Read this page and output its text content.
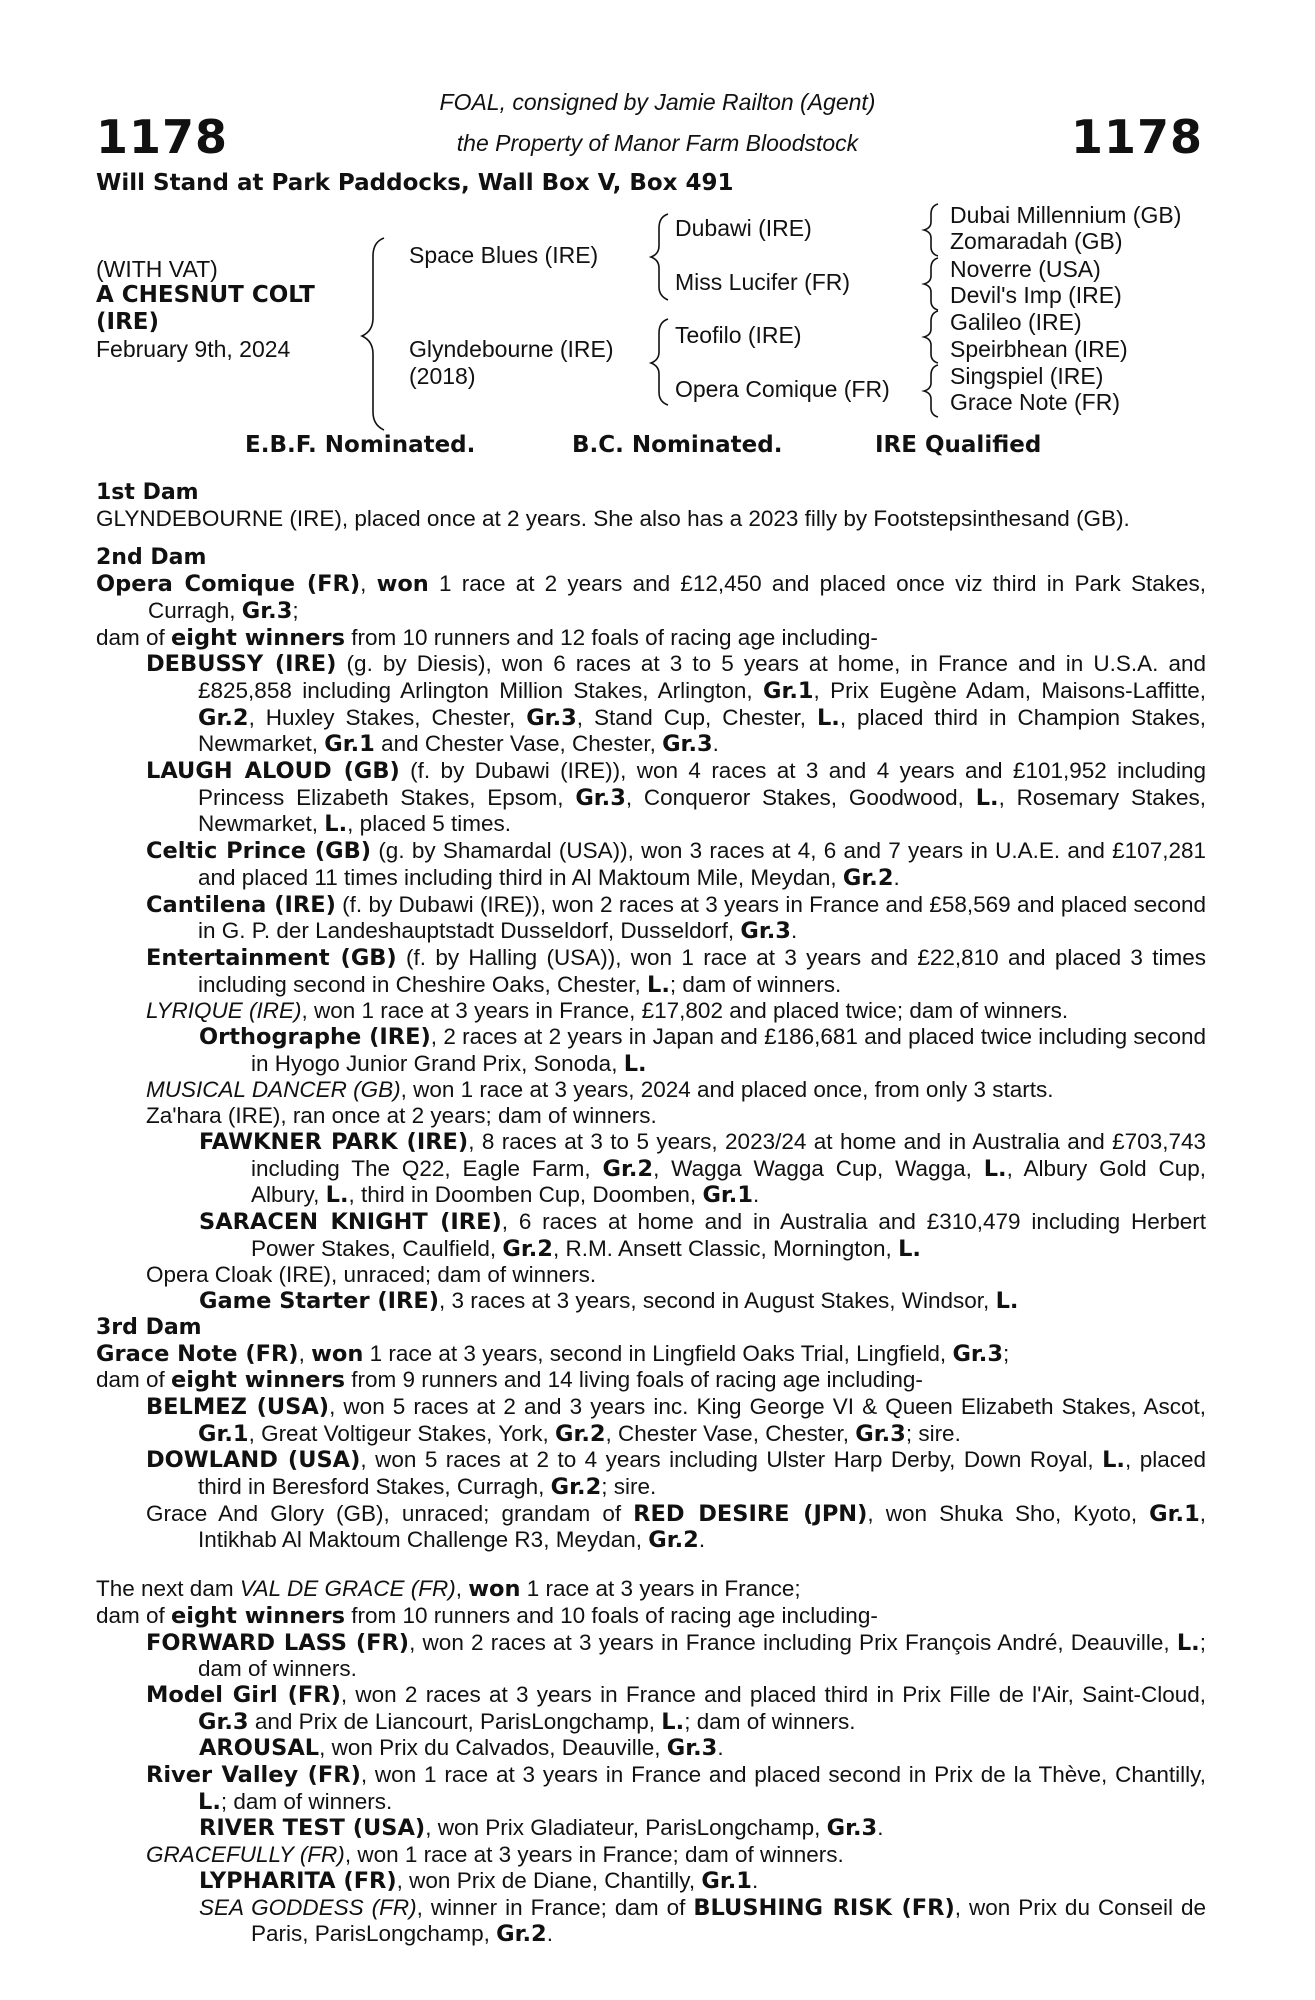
1178	1178
FOAL, consigned by Jamie Railton (Agent)
the Property of Manor Farm Bloodstock
Will Stand at Park Paddocks, Wall Box V, Box 491
(WITH VAT)
A CHESNUT COLT
(IRE)
February 9th, 2024
Space Blues (IRE)
Glyndebourne (IRE)
(2018)
Dubawi (IRE)
Miss Lucifer (FR)
Teofilo (IRE)
Opera Comique (FR)
Dubai Millennium (GB)
Zomaradah (GB)
Noverre (USA)
Devil's Imp (IRE)
Galileo (IRE)
Speirbhean (IRE)
Singspiel (IRE)
Grace Note (FR)
E.B.F. Nominated.	B.C. Nominated.	IRE Qualified

1st Dam

GLYNDEBOURNE (IRE), placed once at 2 years. She also has a 2023 filly by Footstepsinthesand (GB).

2nd Dam

Opera Comique (FR), won 1 race at 2 years and £12,450 and placed once viz third in Park Stakes, Curragh, Gr.3;

dam of eight winners from 10 runners and 12 foals of racing age including-

DEBUSSY (IRE) (g. by Diesis), won 6 races at 3 to 5 years at home, in France and in U.S.A. and £825,858 including Arlington Million Stakes, Arlington, Gr.1, Prix Eugène Adam, Maisons-Laffitte, Gr.2, Huxley Stakes, Chester, Gr.3, Stand Cup, Chester, L., placed third in Champion Stakes, Newmarket, Gr.1 and Chester Vase, Chester, Gr.3.

LAUGH ALOUD (GB) (f. by Dubawi (IRE)), won 4 races at 3 and 4 years and £101,952 including Princess Elizabeth Stakes, Epsom, Gr.3, Conqueror Stakes, Goodwood, L., Rosemary Stakes, Newmarket, L., placed 5 times.

Celtic Prince (GB) (g. by Shamardal (USA)), won 3 races at 4, 6 and 7 years in U.A.E. and £107,281 and placed 11 times including third in Al Maktoum Mile, Meydan, Gr.2.

Cantilena (IRE) (f. by Dubawi (IRE)), won 2 races at 3 years in France and £58,569 and placed second in G. P. der Landeshauptstadt Dusseldorf, Dusseldorf, Gr.3.

Entertainment (GB) (f. by Halling (USA)), won 1 race at 3 years and £22,810 and placed 3 times including second in Cheshire Oaks, Chester, L.; dam of winners.

LYRIQUE (IRE), won 1 race at 3 years in France, £17,802 and placed twice; dam of winners.

Orthographe (IRE), 2 races at 2 years in Japan and £186,681 and placed twice including second in Hyogo Junior Grand Prix, Sonoda, L.

MUSICAL DANCER (GB), won 1 race at 3 years, 2024 and placed once, from only 3 starts.

Za'hara (IRE), ran once at 2 years; dam of winners.

FAWKNER PARK (IRE), 8 races at 3 to 5 years, 2023/24 at home and in Australia and £703,743 including The Q22, Eagle Farm, Gr.2, Wagga Wagga Cup, Wagga, L., Albury Gold Cup, Albury, L., third in Doomben Cup, Doomben, Gr.1.

SARACEN KNIGHT (IRE), 6 races at home and in Australia and £310,479 including Herbert Power Stakes, Caulfield, Gr.2, R.M. Ansett Classic, Mornington, L.

Opera Cloak (IRE), unraced; dam of winners.

Game Starter (IRE), 3 races at 3 years, second in August Stakes, Windsor, L.

3rd Dam

Grace Note (FR), won 1 race at 3 years, second in Lingfield Oaks Trial, Lingfield, Gr.3;

dam of eight winners from 9 runners and 14 living foals of racing age including-

BELMEZ (USA), won 5 races at 2 and 3 years inc. King George VI & Queen Elizabeth Stakes, Ascot, Gr.1, Great Voltigeur Stakes, York, Gr.2, Chester Vase, Chester, Gr.3; sire.

DOWLAND (USA), won 5 races at 2 to 4 years including Ulster Harp Derby, Down Royal, L., placed third in Beresford Stakes, Curragh, Gr.2; sire.

Grace And Glory (GB), unraced; grandam of RED DESIRE (JPN), won Shuka Sho, Kyoto, Gr.1, Intikhab Al Maktoum Challenge R3, Meydan, Gr.2.

The next dam VAL DE GRACE (FR), won 1 race at 3 years in France;

dam of eight winners from 10 runners and 10 foals of racing age including-

FORWARD LASS (FR), won 2 races at 3 years in France including Prix François André, Deauville, L.; dam of winners.

Model Girl (FR), won 2 races at 3 years in France and placed third in Prix Fille de l'Air, Saint-Cloud, Gr.3 and Prix de Liancourt, ParisLongchamp, L.; dam of winners.

AROUSAL, won Prix du Calvados, Deauville, Gr.3.

River Valley (FR), won 1 race at 3 years in France and placed second in Prix de la Thève, Chantilly, L.; dam of winners.

RIVER TEST (USA), won Prix Gladiateur, ParisLongchamp, Gr.3.

GRACEFULLY (FR), won 1 race at 3 years in France; dam of winners.

LYPHARITA (FR), won Prix de Diane, Chantilly, Gr.1.

SEA GODDESS (FR), winner in France; dam of BLUSHING RISK (FR), won Prix du Conseil de Paris, ParisLongchamp, Gr.2.
